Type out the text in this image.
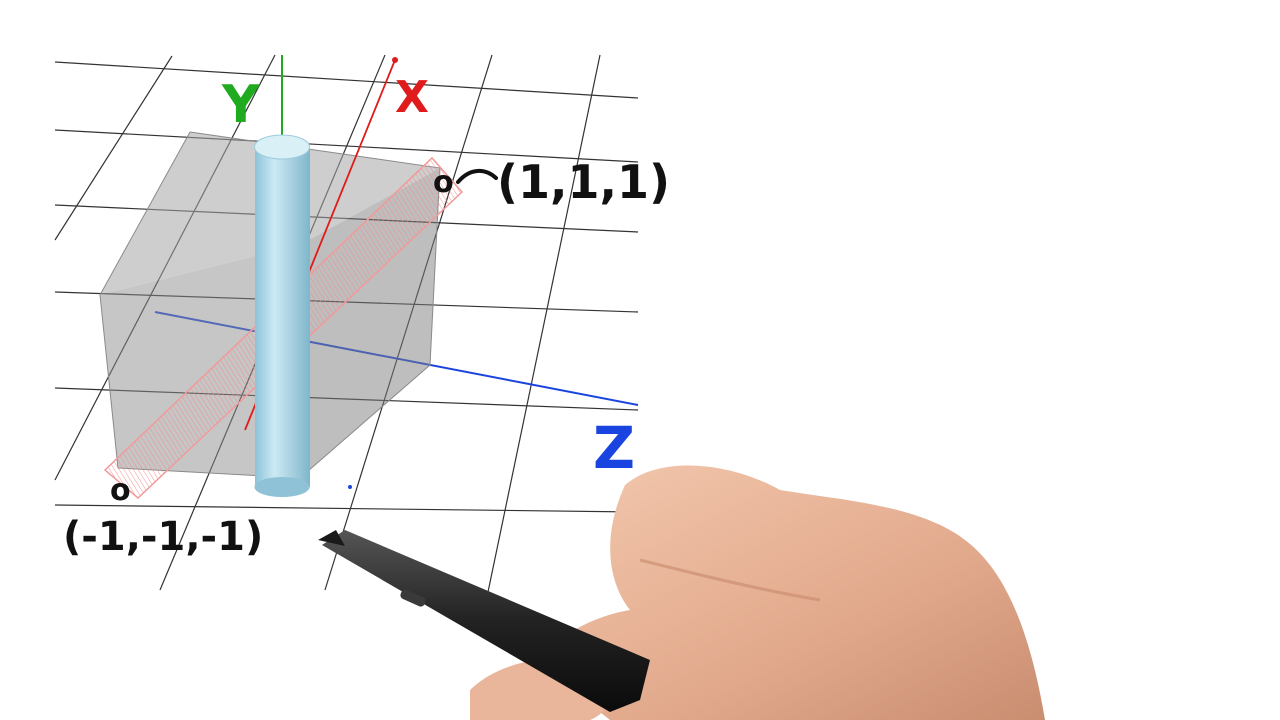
Y	X
Z
o (1,1,1)
o
(-1,-1,-1)
